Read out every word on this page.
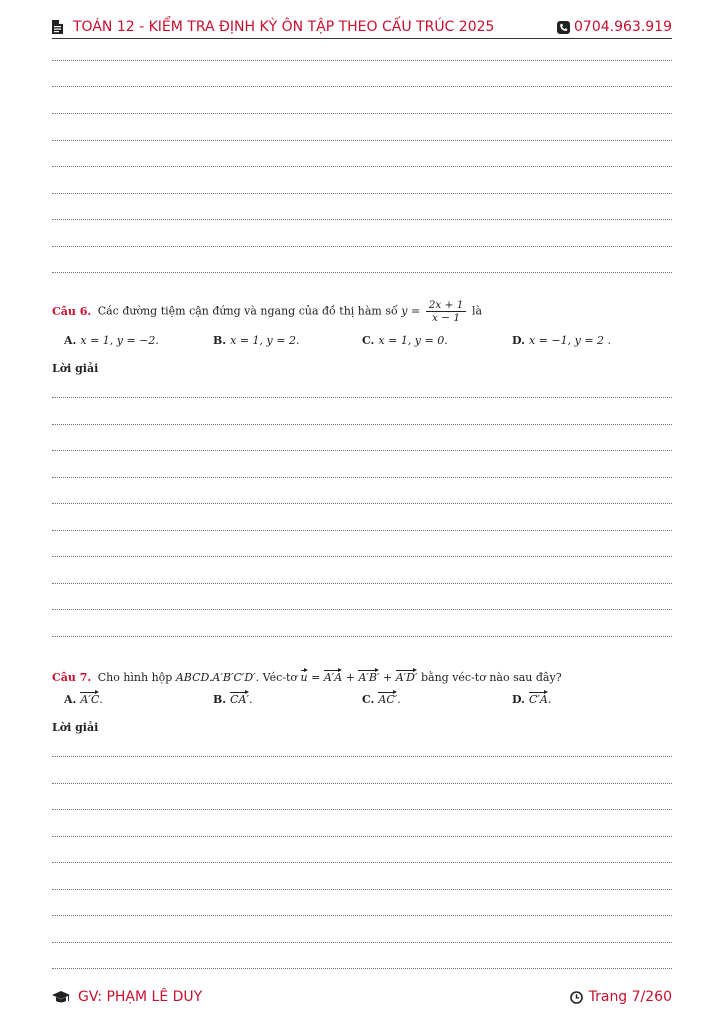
TOÁN 12 - KIỂM TRA ĐỊNH KỲ ÔN TẬP THEO CẤU TRÚC 2025	0704.963.919
Câu 6. Các đường tiệm cận đứng và ngang của đồ thị hàm số $y = \frac{2x + 1}{x - 1}$ là
A. x = 1, y = −2.	B. x = 1, y = 2.	C. x = 1, y = 0.	D. x = −1, y = 2 .
Lời giải
Câu 7. Cho hình hộp ABCD.A′B′C′D′. Véc-tơ u = A′A + A′B′ + A′D′ bằng véc-tơ nào sau đây?
A. A′C.	B. CA′.	C. AC′.	D. C′A.
Lời giải
GV: PHẠM LÊ DUY	Trang 7/260
